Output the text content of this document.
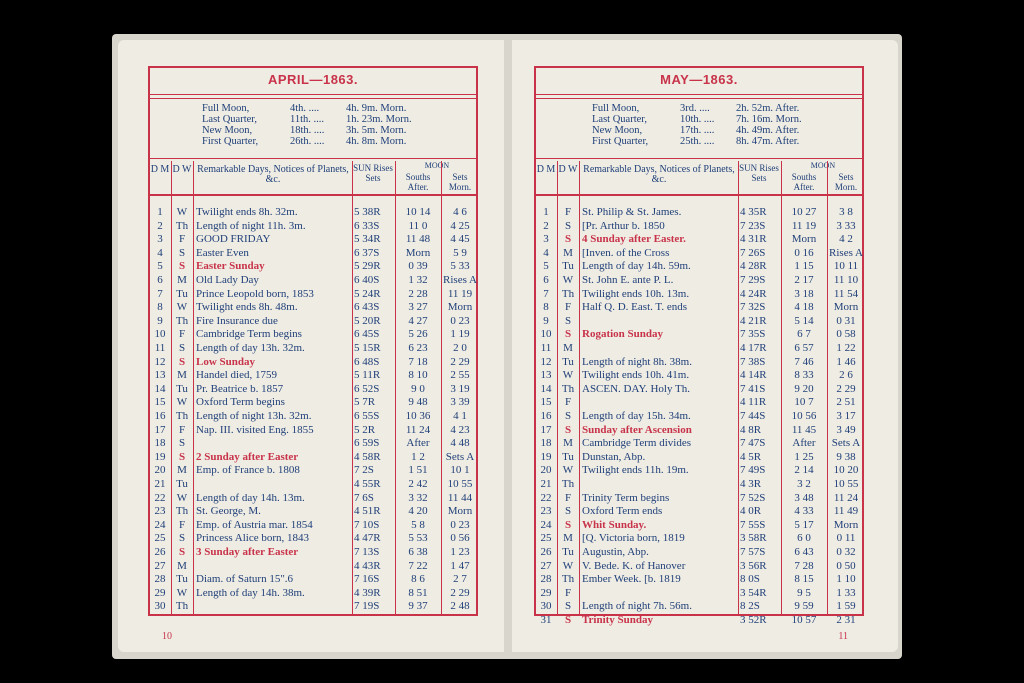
APRIL—1863.
Full Moon,	4th. ....	4h. 9m. Morn.
Last Quarter,	11th. ....	1h. 23m. Morn.
New Moon,	18th. ....	3h. 5m. Morn.
First Quarter,	26th. ....	4h. 8m. Morn.
D M D W Remarkable Days, Notices of Planets, &c.
SUN Rises Sets
MOON
Souths After.
Sets Morn.
1	W Twilight ends 8h. 32m.	5 38R	10 14	4 6
2	Th Length of night 11h. 3m.	6 33S	11 0	4 25
3	F GOOD FRIDAY	5 34R	11 48	4 45
4	S Easter Even	6 37S	Morn	5 9
5	S Easter Sunday	5 29R	0 39	5 33
6	M Old Lady Day	6 40S	1 32	Rises A
7	Tu Prince Leopold born, 1853	5 24R	2 28	11 19
8	W Twilight ends 8h. 48m.	6 43S	3 27	Morn
9	Th Fire Insurance due	5 20R	4 27	0 23
10	F Cambridge Term begins	6 45S	5 26	1 19
11	S Length of day 13h. 32m.	5 15R	6 23	2 0
12	S Low Sunday	6 48S	7 18	2 29
13	M Handel died, 1759	5 11R	8 10	2 55
14 Tu Pr. Beatrice b. 1857	6 52S	9 0	3 19
15	W Oxford Term begins	5 7R	9 48	3 39
16 Th Length of night 13h. 32m.	6 55S	10 36	4 1
17	F Nap. III. visited Eng. 1855	5 2R	11 24	4 23
18	S	6 59S	After	4 48
19	S 2 Sunday after Easter	4 58R	1 2	Sets A
20	M Emp. of France b. 1808	7 2S	1 51	10 1
21 Tu	4 55R	2 42	10 55
22	W Length of day 14h. 13m.	7 6S	3 32	11 44
23 Th St. George, M.	4 51R	4 20	Morn
24	F Emp. of Austria mar. 1854	7 10S	5 8	0 23
25	S Princess Alice born, 1843	4 47R	5 53	0 56
26	S 3 Sunday after Easter	7 13S	6 38	1 23
27	M	4 43R	7 22	1 47
28 Tu Diam. of Saturn 15".6	7 16S	8 6	2 7
29	W Length of day 14h. 38m.	4 39R	8 51	2 29
30 Th	7 19S	9 37	2 48
10
MAY—1863.
Full Moon,	3rd. ....	2h. 52m. After.
Last Quarter,	10th. ....	7h. 16m. Morn.
New Moon,	17th. ....	4h. 49m. After.
First Quarter,	25th. ....	8h. 47m. After.
D M D W Remarkable Days, Notices of Planets, &c.
SUN Rises Sets
MOON
Souths After.
Sets Morn.
1	F St. Philip & St. James.	4 35R	10 27	3 8
2	S [Pr. Arthur b. 1850	7 23S	11 19	3 33
3	S 4 Sunday after Easter.	4 31R	Morn	4 2
4	M [Inven. of the Cross	7 26S	0 16	Rises A
5	Tu Length of day 14h. 59m.	4 28R	1 15	10 11
6	W St. John E. ante P. L.	7 29S	2 17	11 10
7	Th Twilight ends 10h. 13m.	4 24R	3 18	11 54
8	F Half Q. D. East. T. ends	7 32S	4 18	Morn
9	S	4 21R	5 14	0 31
10	S Rogation Sunday	7 35S	6 7	0 58
11	M	4 17R	6 57	1 22
12 Tu Length of night 8h. 38m.	7 38S	7 46	1 46
13	W Twilight ends 10h. 41m.	4 14R	8 33	2 6
14 Th ASCEN. DAY. Holy Th.	7 41S	9 20	2 29
15	F	4 11R	10 7	2 51
16	S Length of day 15h. 34m.	7 44S	10 56	3 17
17	S Sunday after Ascension	4 8R	11 45	3 49
18	M Cambridge Term divides	7 47S	After	Sets A
19 Tu Dunstan, Abp.	4 5R	1 25	9 38
20	W Twilight ends 11h. 19m.	7 49S	2 14	10 20
21 Th	4 3R	3 2	10 55
22	F Trinity Term begins	7 52S	3 48	11 24
23	S Oxford Term ends	4 0R	4 33	11 49
24	S Whit Sunday.	7 55S	5 17	Morn
25	M [Q. Victoria born, 1819	3 58R	6 0	0 11
26 Tu Augustin, Abp.	7 57S	6 43	0 32
27	W V. Bede. K. of Hanover	3 56R	7 28	0 50
28 Th Ember Week. [b. 1819	8 0S	8 15	1 10
29	F	3 54R	9 5	1 33
30	S Length of night 7h. 56m.	8 2S	9 59	1 59
31	S Trinity Sunday	3 52R	10 57	2 31
11
